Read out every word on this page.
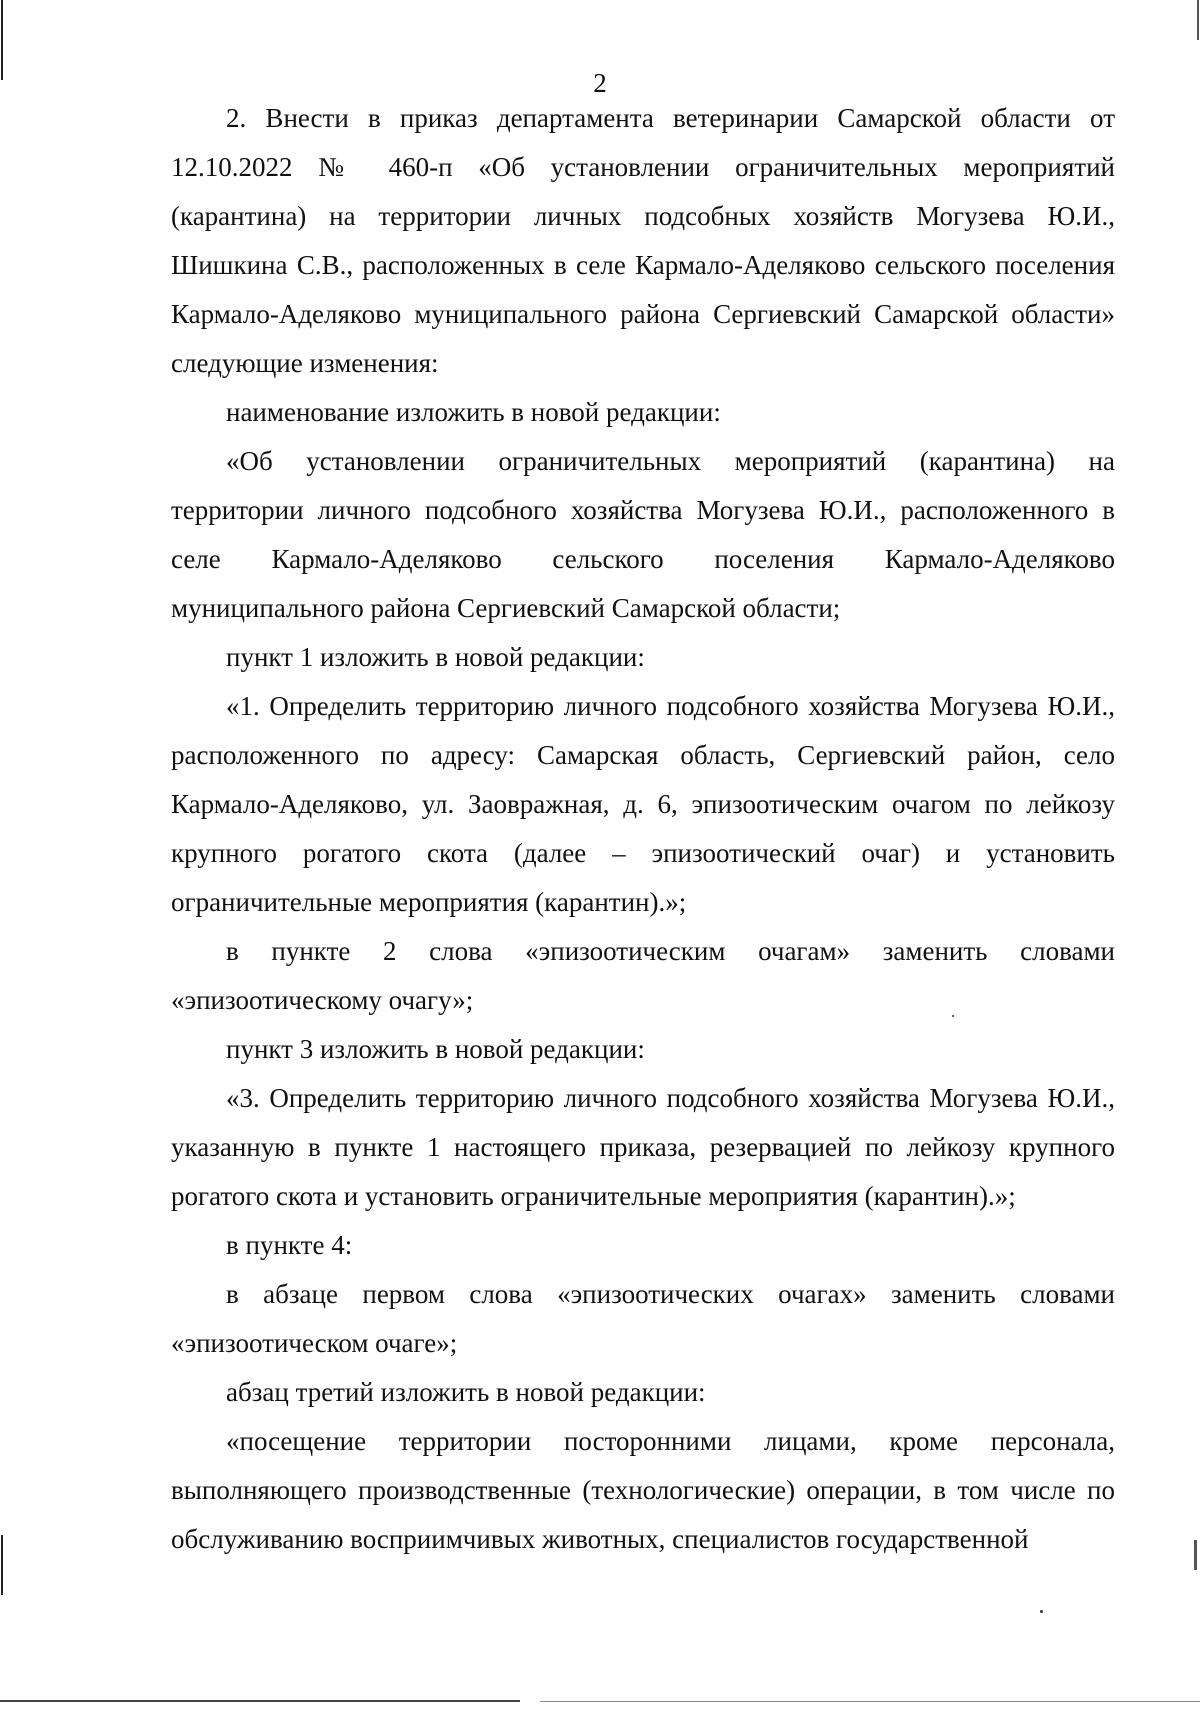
2

2. Внести в приказ департамента ветеринарии Самарской области от 12.10.2022 № 460-п «Об установлении ограничительных мероприятий (карантина) на территории личных подсобных хозяйств Могузева Ю.И., Шишкина С.В., расположенных в селе Кармало-Аделяково сельского поселения Кармало-Аделяково муниципального района Сергиевский Самарской области» следующие изменения:

наименование изложить в новой редакции:

«Об установлении ограничительных мероприятий (карантина) на территории личного подсобного хозяйства Могузева Ю.И., расположенного в селе Кармало-Аделяково сельского поселения Кармало-Аделяково муниципального района Сергиевский Самарской области;

пункт 1 изложить в новой редакции:

«1. Определить территорию личного подсобного хозяйства Могузева Ю.И., расположенного по адресу: Самарская область, Сергиевский район, село Кармало-Аделяково, ул. Заовражная, д. 6, эпизоотическим очагом по лейкозу крупного рогатого скота (далее – эпизоотический очаг) и установить ограничительные мероприятия (карантин).»;

в пункте 2 слова «эпизоотическим очагам» заменить словами «эпизоотическому очагу»;

пункт 3 изложить в новой редакции:

«3. Определить территорию личного подсобного хозяйства Могузева Ю.И., указанную в пункте 1 настоящего приказа, резервацией по лейкозу крупного рогатого скота и установить ограничительные мероприятия (карантин).»;

в пункте 4:

в абзаце первом слова «эпизоотических очагах» заменить словами «эпизоотическом очаге»;

абзац третий изложить в новой редакции:

«посещение территории посторонними лицами, кроме персонала, выполняющего производственные (технологические) операции, в том числе по обслуживанию восприимчивых животных, специалистов государственной
